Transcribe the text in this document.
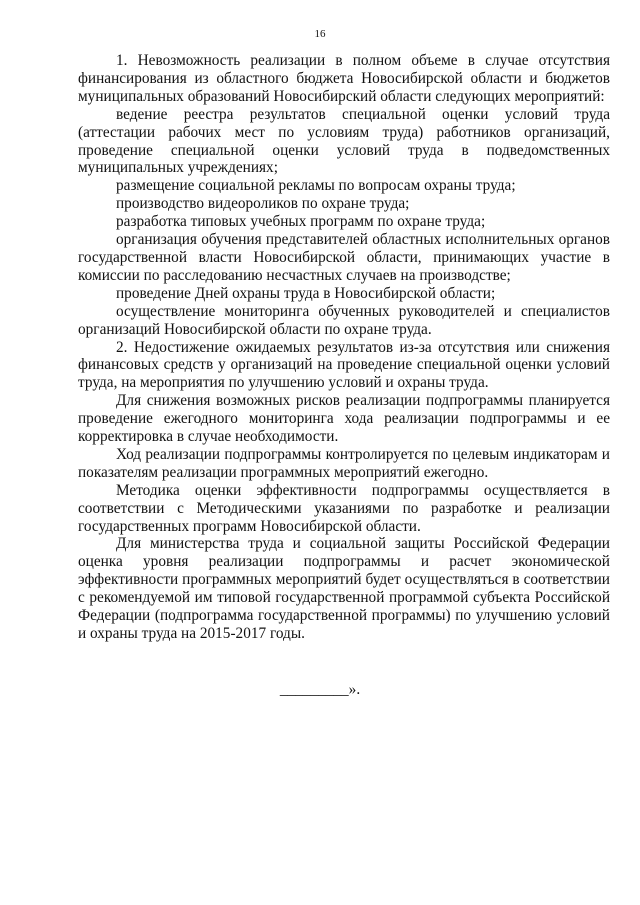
16

1. Невозможность реализации в полном объеме в случае отсутствия финансирования из областного бюджета Новосибирской области и бюджетов муниципальных образований Новосибирский области следующих мероприятий:

ведение реестра результатов специальной оценки условий труда (аттестации рабочих мест по условиям труда) работников организаций, проведение специальной оценки условий труда в подведомственных муниципальных учреждениях;

размещение социальной рекламы по вопросам охраны труда;

производство видеороликов по охране труда;

разработка типовых учебных программ по охране труда;

организация обучения представителей областных исполнительных органов государственной власти Новосибирской области, принимающих участие в комиссии по расследованию несчастных случаев на производстве;

проведение Дней охраны труда в Новосибирской области;

осуществление мониторинга обученных руководителей и специалистов организаций Новосибирской области по охране труда.

2. Недостижение ожидаемых результатов из-за отсутствия или снижения финансовых средств у организаций на проведение специальной оценки условий труда, на мероприятия по улучшению условий и охраны труда.

Для снижения возможных рисков реализации подпрограммы планируется проведение ежегодного мониторинга хода реализации подпрограммы и ее корректировка в случае необходимости.

Ход реализации подпрограммы контролируется по целевым индикаторам и показателям реализации программных мероприятий ежегодно.

Методика оценки эффективности подпрограммы осуществляется в соответствии с Методическими указаниями по разработке и реализации государственных программ Новосибирской области.

Для министерства труда и социальной защиты Российской Федерации оценка уровня реализации подпрограммы и расчет экономической эффективности программных мероприятий будет осуществляться в соответствии с рекомендуемой им типовой государственной программой субъекта Российской Федерации (подпрограмма государственной программы) по улучшению условий и охраны труда на 2015-2017 годы.

_________».
